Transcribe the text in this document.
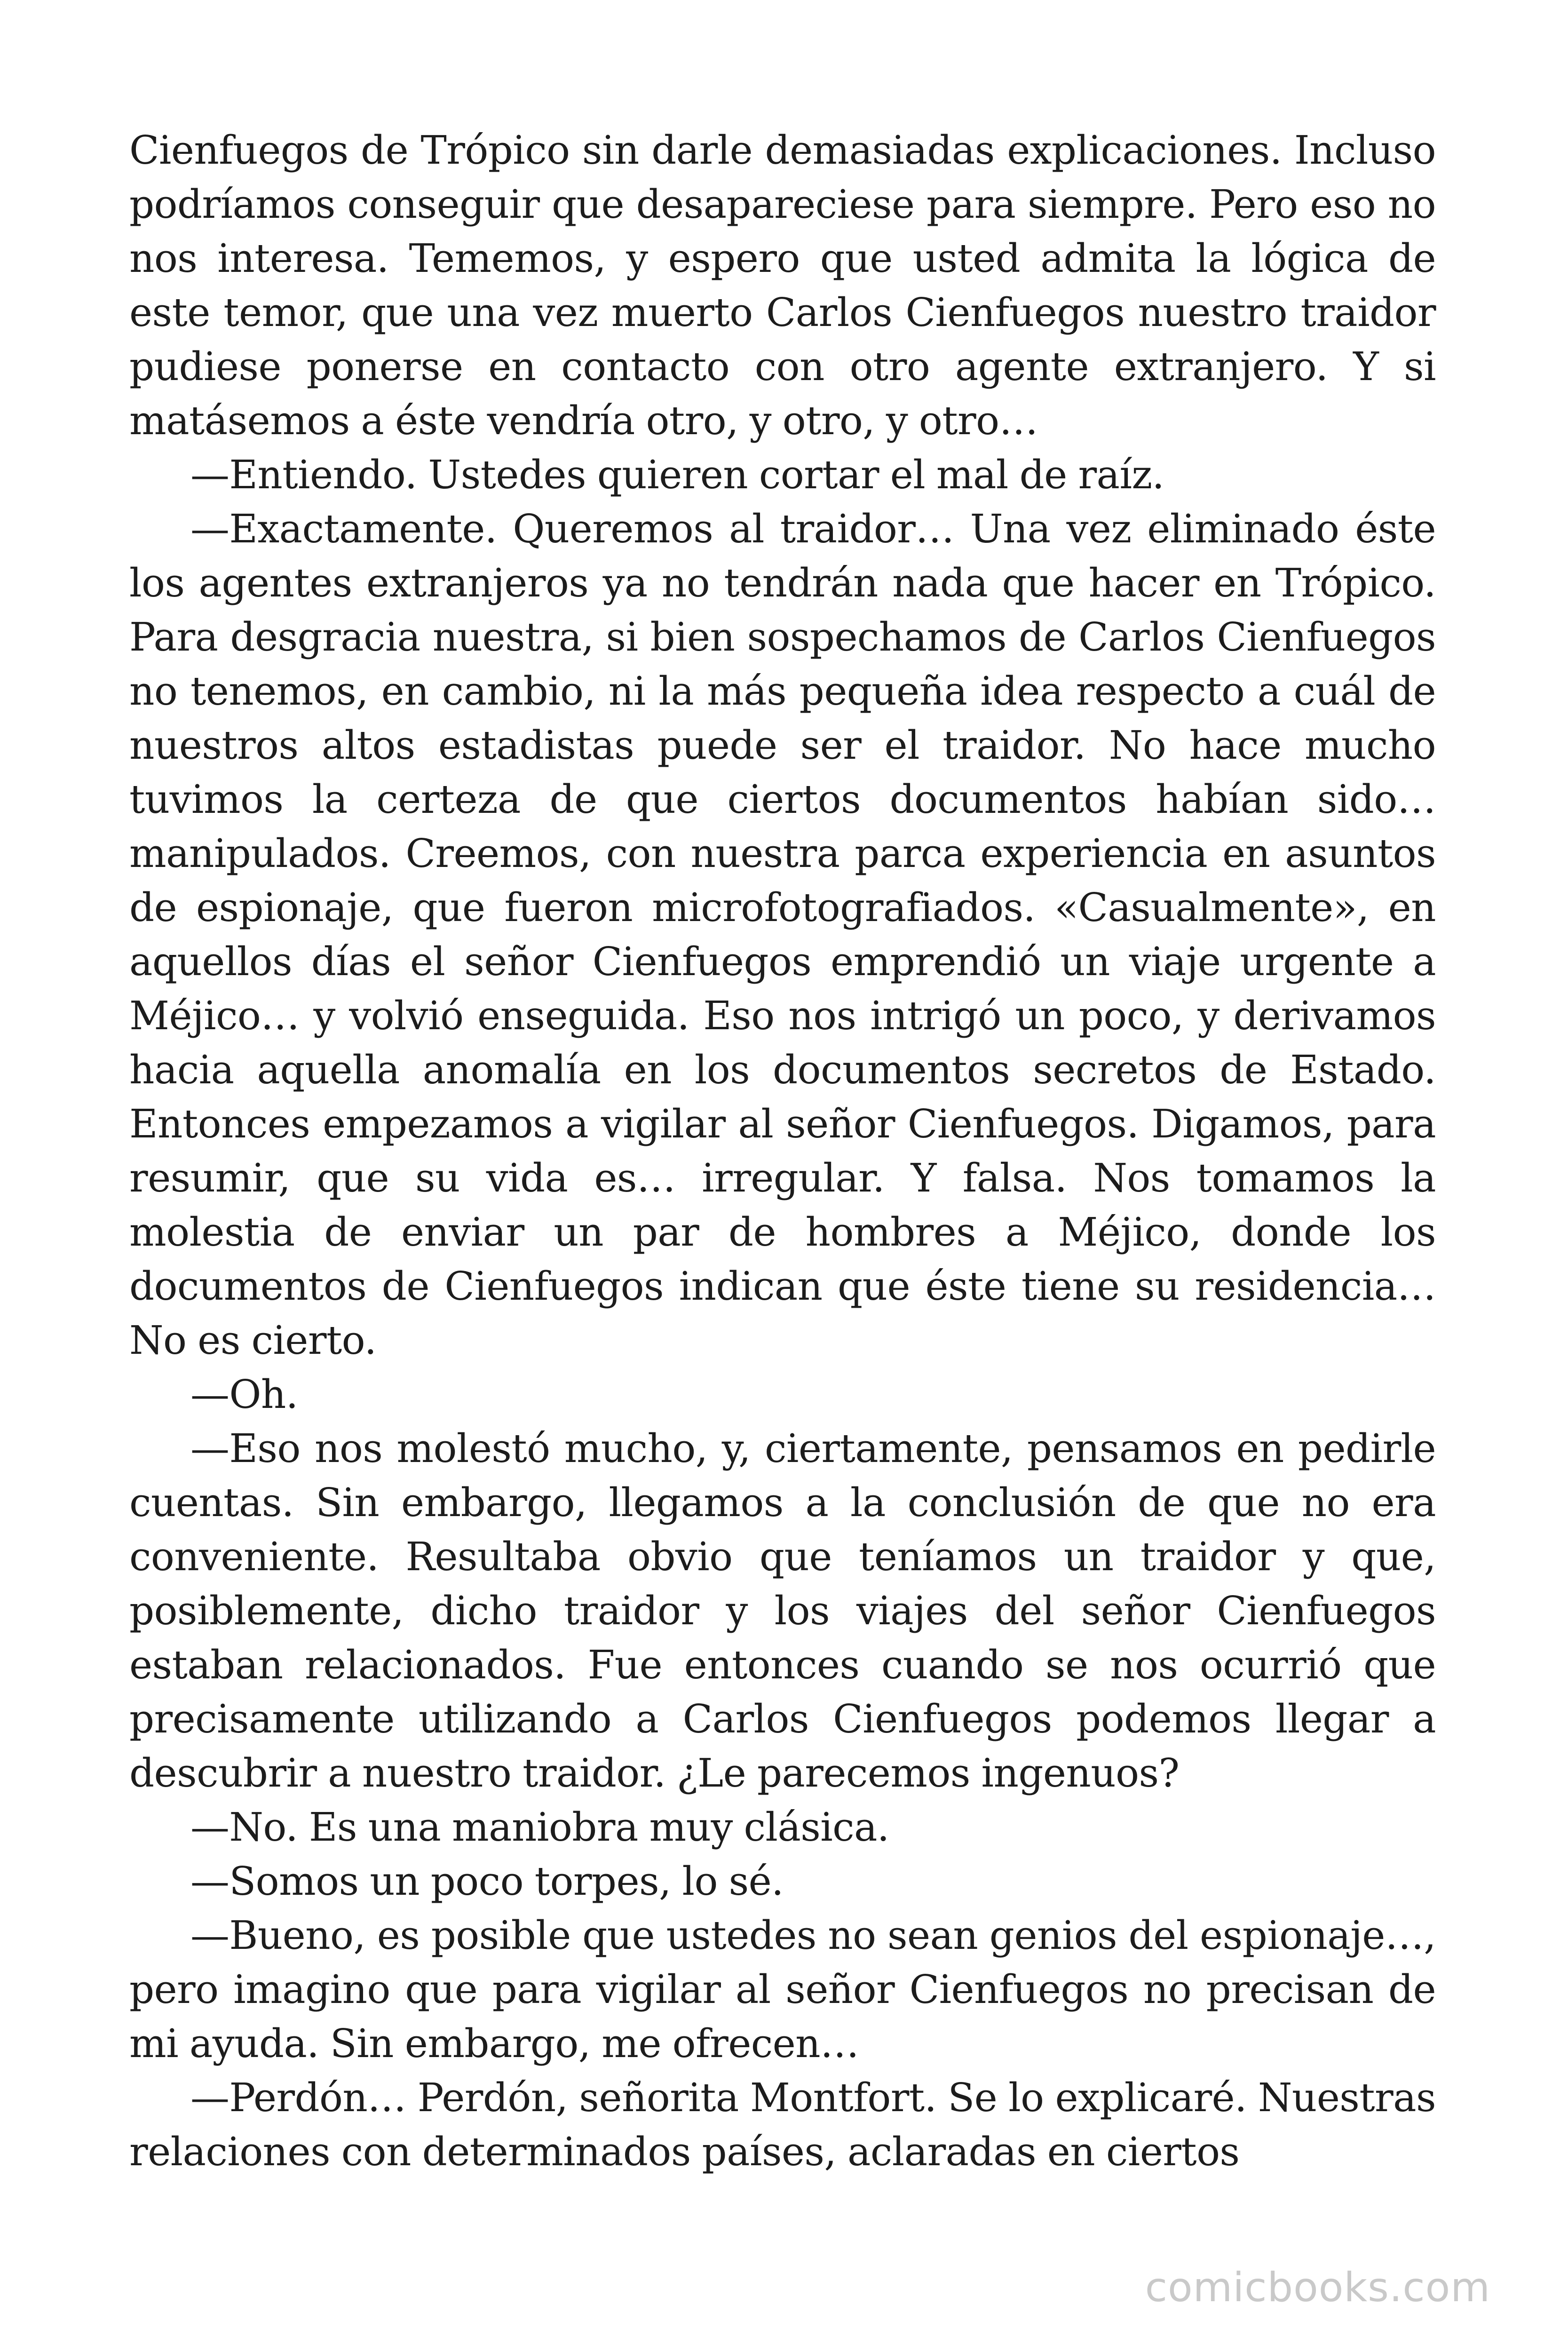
Cienfuegos de Trópico sin darle demasiadas explicaciones. Incluso podríamos conseguir que desapareciese para siempre. Pero eso no nos interesa. Tememos, y espero que usted admita la lógica de este temor, que una vez muerto Carlos Cienfuegos nuestro traidor pudiese ponerse en contacto con otro agente extranjero. Y si matásemos a éste vendría otro, y otro, y otro…

—Entiendo. Ustedes quieren cortar el mal de raíz.

—Exactamente. Queremos al traidor… Una vez eliminado éste los agentes extranjeros ya no tendrán nada que hacer en Trópico. Para desgracia nuestra, si bien sospechamos de Carlos Cienfuegos no tenemos, en cambio, ni la más pequeña idea respecto a cuál de nuestros altos estadistas puede ser el traidor. No hace mucho tuvimos la certeza de que ciertos documentos habían sido… manipulados. Creemos, con nuestra parca experiencia en asuntos de espionaje, que fueron microfotografiados. «Casualmente», en aquellos días el señor Cienfuegos emprendió un viaje urgente a Méjico… y volvió enseguida. Eso nos intrigó un poco, y derivamos hacia aquella anomalía en los documentos secretos de Estado. Entonces empezamos a vigilar al señor Cienfuegos. Digamos, para resumir, que su vida es… irregular. Y falsa. Nos tomamos la molestia de enviar un par de hombres a Méjico, donde los documentos de Cienfuegos indican que éste tiene su residencia… No es cierto.

—Oh.

—Eso nos molestó mucho, y, ciertamente, pensamos en pedirle cuentas. Sin embargo, llegamos a la conclusión de que no era conveniente. Resultaba obvio que teníamos un traidor y que, posiblemente, dicho traidor y los viajes del señor Cienfuegos estaban relacionados. Fue entonces cuando se nos ocurrió que precisamente utilizando a Carlos Cienfuegos podemos llegar a descubrir a nuestro traidor. ¿Le parecemos ingenuos?

—No. Es una maniobra muy clásica.

—Somos un poco torpes, lo sé.

—Bueno, es posible que ustedes no sean genios del espionaje…, pero imagino que para vigilar al señor Cienfuegos no precisan de mi ayuda. Sin embargo, me ofrecen…

—Perdón… Perdón, señorita Montfort. Se lo explicaré. Nuestras relaciones con determinados países, aclaradas en ciertos

comicbooks.com
